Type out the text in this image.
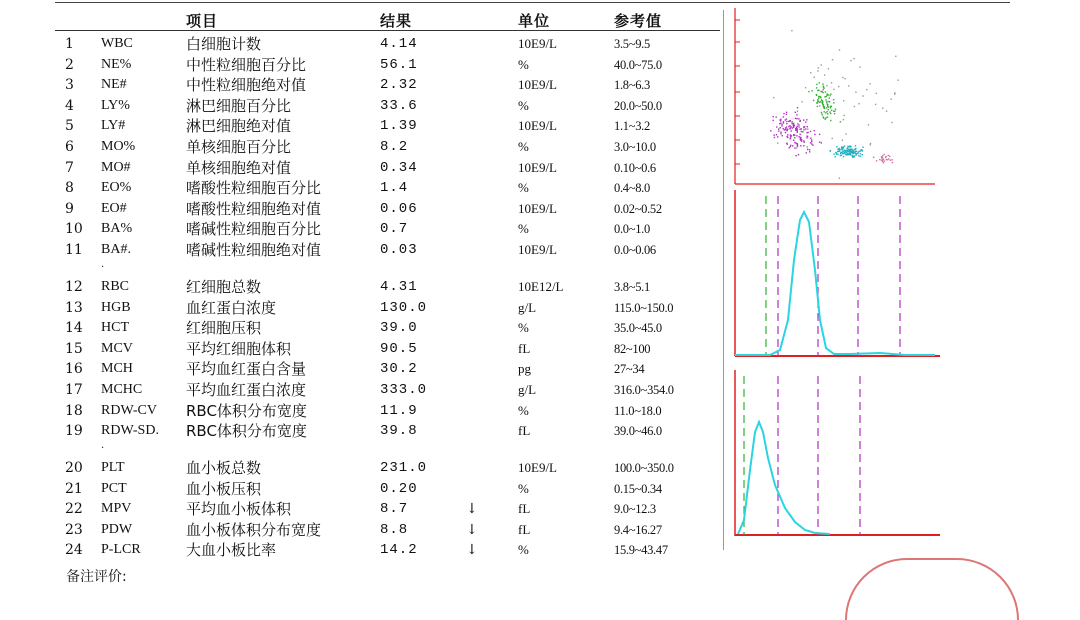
项目	结果	单位	参考值
1 WBC	白细胞计数	4.14	10E9/L	3.5~9.5
2 NE%	中性粒细胞百分比	56.1	%	40.0~75.0
3 NE#	中性粒细胞绝对值	2.32	10E9/L	1.8~6.3
4 LY%	淋巴细胞百分比	33.6	%	20.0~50.0
5 LY#	淋巴细胞绝对值	1.39	10E9/L	1.1~3.2
6 MO%	单核细胞百分比	8.2	%	3.0~10.0
7 MO#	单核细胞绝对值	0.34	10E9/L	0.10~0.6
8 EO%	嗜酸性粒细胞百分比	1.4	%	0.4~8.0
9 EO#	嗜酸性粒细胞绝对值	0.06	10E9/L	0.02~0.52
10 BA%	嗜碱性粒细胞百分比	0.7	%	0.0~1.0
11 BA#.	嗜碱性粒细胞绝对值	0.03	10E9/L	0.0~0.06
.
12 RBC	红细胞总数	4.31	10E12/L	3.8~5.1
13 HGB	血红蛋白浓度	130.0	g/L	115.0~150.0
14 HCT	红细胞压积	39.0	%	35.0~45.0
15 MCV	平均红细胞体积	90.5	fL	82~100
16 MCH	平均血红蛋白含量	30.2	pg	27~34
17 MCHC	平均血红蛋白浓度	333.0	g/L	316.0~354.0
18 RDW-CV RBC体积分布宽度	11.9	%	11.0~18.0
19 RDW-SD. RBC体积分布宽度	39.8	fL	39.0~46.0
.
20 PLT	血小板总数	231.0	10E9/L	100.0~350.0
21 PCT	血小板压积	0.20	%	0.15~0.34
22 MPV	平均血小板体积	8.7	↓	fL	9.0~12.3
23 PDW	血小板体积分布宽度	8.8	↓	fL	9.4~16.27
24 P-LCR	大血小板比率	14.2	↓	%	15.9~43.47
备注评价:
